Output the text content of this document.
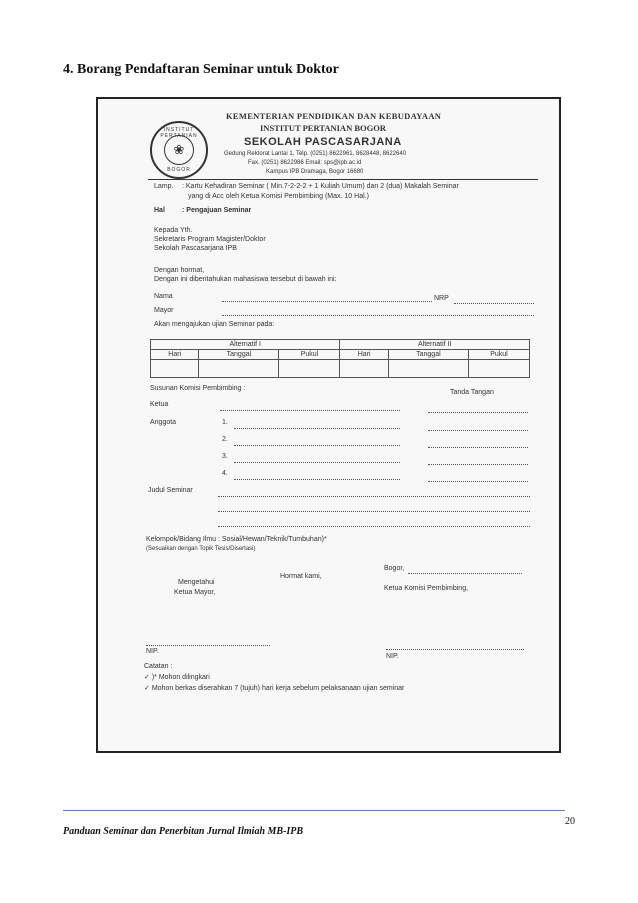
4. Borang Pendaftaran Seminar untuk Doktor
INSTITUT PERTANIAN
❀
BOGOR
KEMENTERIAN PENDIDIKAN DAN KEBUDAYAAN
INSTITUT PERTANIAN BOGOR
SEKOLAH PASCASARJANA
Gedung Rektorat Lantai 1, Telp. (0251) 8622961, 8628448, 8622640
Fax. (0251) 8622986 Email: sps@ipb.ac.id
Kampus IPB Dramaga, Bogor 16680
Lamp. : Kartu Kehadiran Seminar ( Min.7-2-2-2 + 1 Kuliah Umum) dan 2 (dua) Makalah Seminar
yang di Acc oleh Ketua Komisi Pembimbing (Max. 10 Hal.)
Hal : Pengajuan Seminar
Kepada Yth.
Sekretaris Program Magister/Doktor
Sekolah Pascasarjana IPB
Dengan hormat,
Dengan ini diberitahukan mahasiswa tersebut di bawah ini:
Nama	NRP
Mayor
Akan mengajukan ujian Seminar pada:
Alternatif I			Alternatif II		
Hari	Tanggal	Pukul	Hari	Tanggal	Pukul

Susunan Komisi Pembimbing :
Tanda Tangan
Ketua
Anggota	1.
2.
3.
4.
Judul Seminar
Kelompok/Bidang Ilmu : Sosial/Hewan/Teknik/Tumbuhan)*
(Sesuaikan dengan Topik Tesis/Disertasi)
Bogor,
Hormat kami,
Mengetahui
Ketua Mayor,
Ketua Komisi Pembimbing,
NIP.
NIP.
Catatan :
✓ )* Mohon dilingkari
✓ Mohon berkas diserahkan 7 (tujuh) hari kerja sebelum pelaksanaan ujian seminar
Panduan Seminar dan Penerbitan Jurnal Ilmiah MB-IPB
20
